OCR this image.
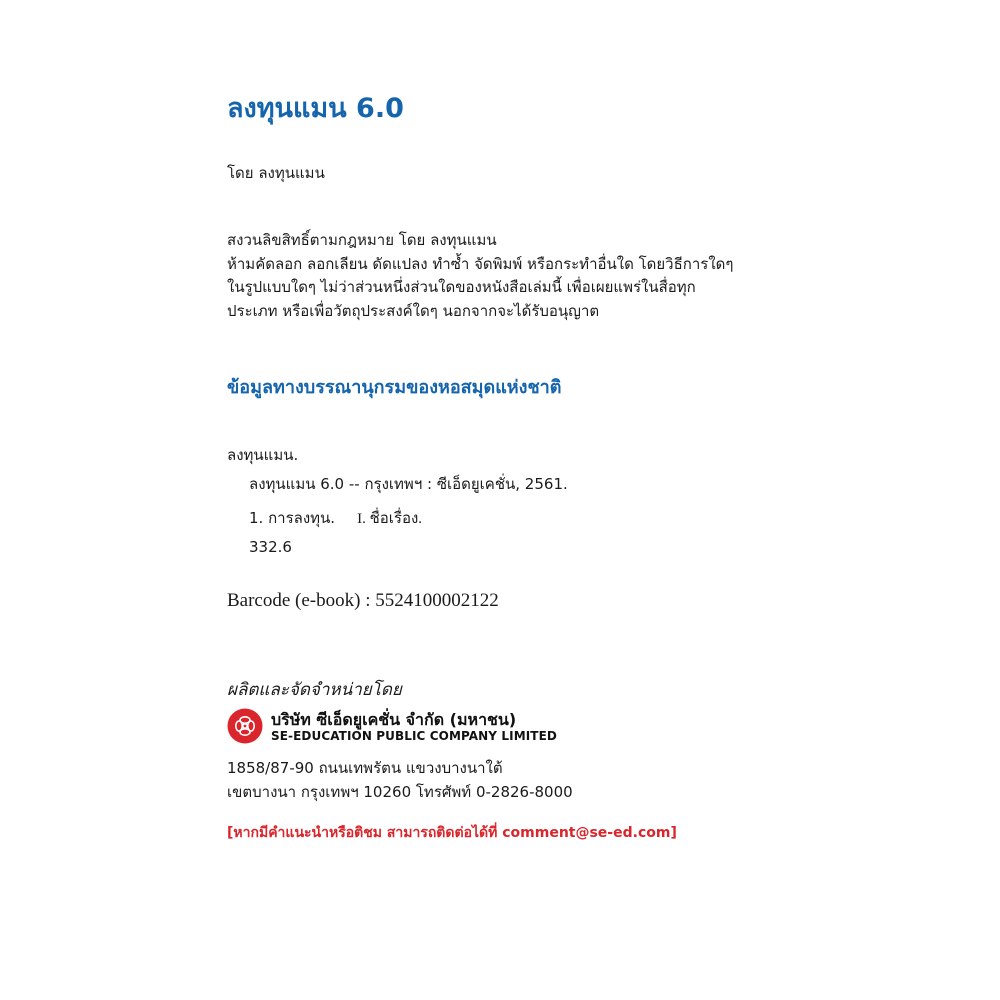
ลงทุนแมน 6.0
โดย ลงทุนแมน
สงวนลิขสิทธิ์ตามกฎหมาย โดย ลงทุนแมน
ห้ามคัดลอก ลอกเลียน ดัดแปลง ทำซ้ำ จัดพิมพ์ หรือกระทำอื่นใด โดยวิธีการใดๆ
ในรูปแบบใดๆ ไม่ว่าส่วนหนึ่งส่วนใดของหนังสือเล่มนี้ เพื่อเผยแพร่ในสื่อทุก
ประเภท หรือเพื่อวัตถุประสงค์ใดๆ นอกจากจะได้รับอนุญาต
ข้อมูลทางบรรณานุกรมของหอสมุดแห่งชาติ
ลงทุนแมน.
ลงทุนแมน 6.0 -- กรุงเทพฯ : ซีเอ็ดยูเคชั่น, 2561.
1. การลงทุน. I. ชื่อเรื่อง.
332.6
Barcode (e-book) : 5524100002122
ผลิตและจัดจำหน่ายโดย
บริษัท ซีเอ็ดยูเคชั่น จำกัด (มหาชน)
SE-EDUCATION PUBLIC COMPANY LIMITED
1858/87-90 ถนนเทพรัตน แขวงบางนาใต้
เขตบางนา กรุงเทพฯ 10260 โทรศัพท์ 0-2826-8000
[หากมีคำแนะนำหรือติชม สามารถติดต่อได้ที่ comment@se-ed.com]
